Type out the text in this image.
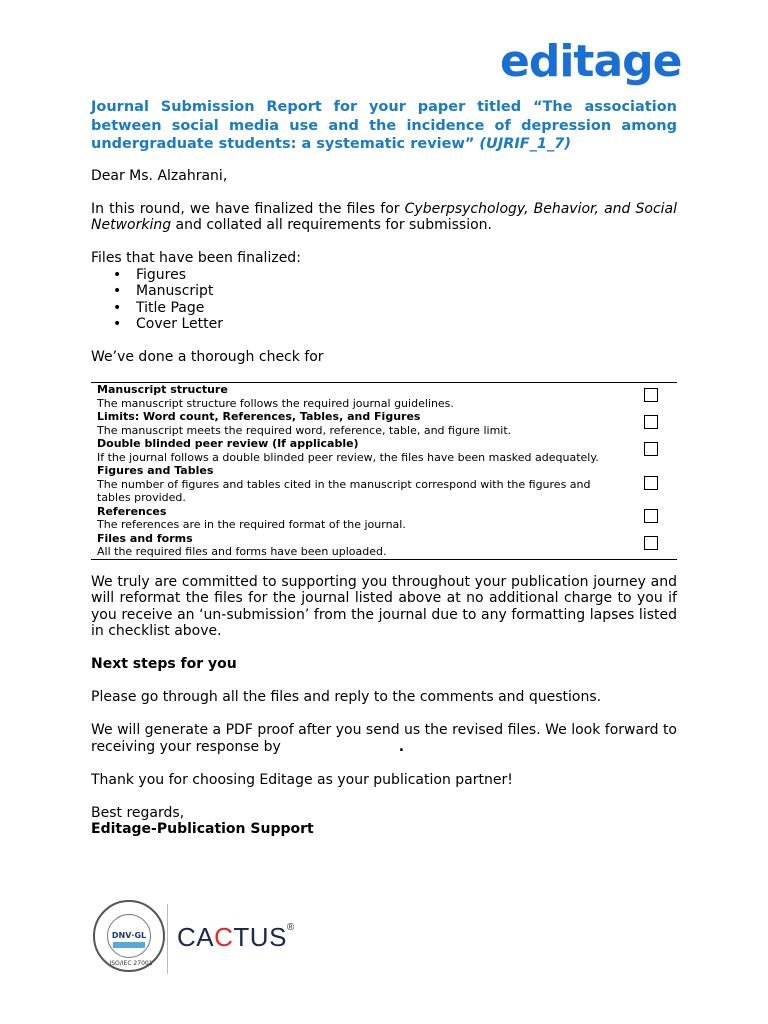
editage
Journal Submission Report for your paper titled “The association between social media use and the incidence of depression among undergraduate students: a systematic review” (UJRIF_1_7)

Dear Ms. Alzahrani,

In this round, we have finalized the files for Cyberpsychology, Behavior, and Social Networking and collated all requirements for submission.

Files that have been finalized:
• Figures
• Manuscript
• Title Page
• Cover Letter

We’ve done a thorough check for

Manuscript structure
The manuscript structure follows the required journal guidelines.	

Limits: Word count, References, Tables, and Figures
The manuscript meets the required word, reference, table, and figure limit.	

Double blinded peer review (If applicable)
If the journal follows a double blinded peer review, the files have been masked adequately.	

Figures and Tables
The number of figures and tables cited in the manuscript correspond with the figures and tables provided.	

References
The references are in the required format of the journal.	

Files and forms
All the required files and forms have been uploaded.	

We truly are committed to supporting you throughout your publication journey and will reformat the files for the journal listed above at no additional charge to you if you receive an ‘un-submission’ from the journal due to any formatting lapses listed in checklist above.

Next steps for you

Please go through all the files and reply to the comments and questions.

We will generate a PDF proof after you send us the revised files. We look forward to receiving your response by	.

Thank you for choosing Editage as your publication partner!

Best regards,
Editage-Publication Support
DNV·GL
ISO/IEC 27001
CACTUS®
